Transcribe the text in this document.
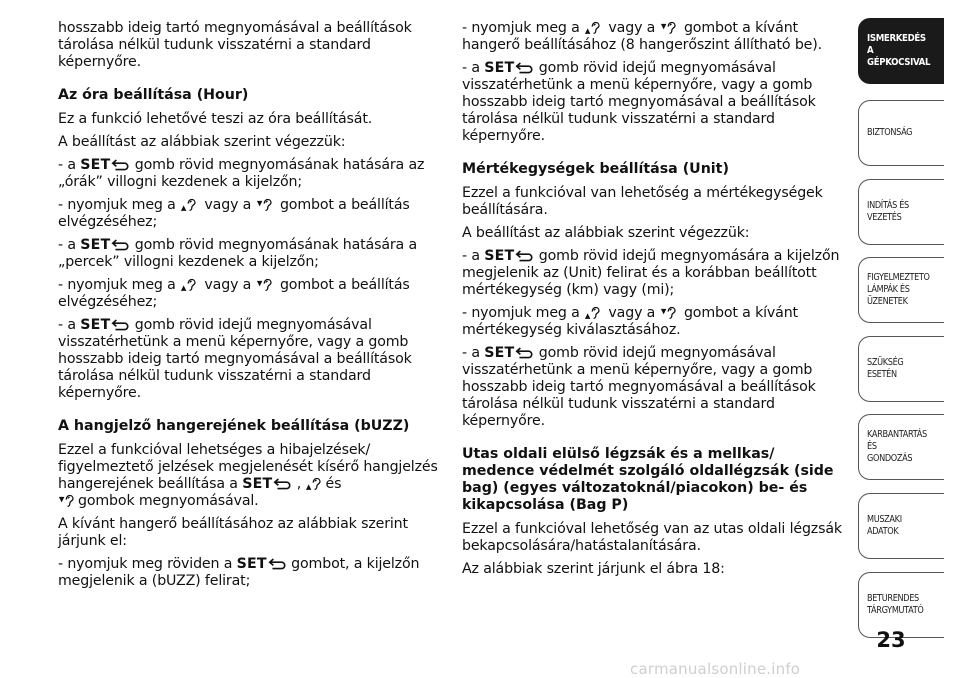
hosszabb ideig tartó megnyomásával a beállítások tárolása nélkül tudunk visszatérni a standard képernyőre.

Az óra beállítása (Hour)

Ez a funkció lehetővé teszi az óra beállítását.

A beállítást az alábbiak szerint végezzük:

- a SET
gomb rövid megnyomásának hatására az „órák” villogni kezdenek a kijelzőn;

- nyomjuk meg a
vagy a
gombot a beállítás elvégzéséhez;

- a SET
gomb rövid megnyomásának hatására a „percek” villogni kezdenek a kijelzőn;

- nyomjuk meg a
vagy a
gombot a beállítás elvégzéséhez;

- a SET
gomb rövid idejű megnyomásával visszatérhetünk a menü képernyőre, vagy a gomb hosszabb ideig tartó megnyomásával a beállítások tárolása nélkül tudunk visszatérni a standard képernyőre.

A hangjelző hangerejének beállítása (bUZZ)

Ezzel a funkcióval lehetséges a hibajelzések/ figyelmeztető jelzések megjelenését kísérő hangjelzés hangerejének beállítása a SET
,
és

gombok megnyomásával.

A kívánt hangerő beállításához az alábbiak szerint járjunk el:

- nyomjuk meg röviden a SET
gombot, a kijelzőn megjelenik a (bUZZ) felirat;

- nyomjuk meg a
vagy a
gombot a kívánt hangerő beállításához (8 hangerőszint állítható be).

- a SET
gomb rövid idejű megnyomásával visszatérhetünk a menü képernyőre, vagy a gomb hosszabb ideig tartó megnyomásával a beállítások tárolása nélkül tudunk visszatérni a standard képernyőre.

Mértékegységek beállítása (Unit)

Ezzel a funkcióval van lehetőség a mértékegységek beállítására.

A beállítást az alábbiak szerint végezzük:

- a SET
gomb rövid idejű megnyomására a kijelzőn megjelenik az (Unit) felirat és a korábban beállított mértékegység (km) vagy (mi);

- nyomjuk meg a
vagy a
gombot a kívánt mértékegység kiválasztásához.

- a SET
gomb rövid idejű megnyomásával visszatérhetünk a menü képernyőre, vagy a gomb hosszabb ideig tartó megnyomásával a beállítások tárolása nélkül tudunk visszatérni a standard képernyőre.

Utas oldali elülső légzsák és a mellkas/ medence védelmét szolgáló oldallégzsák (side bag) (egyes változatoknál/piacokon) be- és kikapcsolása (Bag P)

Ezzel a funkcióval lehetőség van az utas oldali légzsák bekapcsolására/hatástalanítására.

Az alábbiak szerint járjunk el ábra 18:

ISMERKEDÉS A
GÉPKOCSIVAL
BIZTONSÁG
INDÍTÁS ÉS VEZETÉS
FIGYELMEZTETŐ
LÁMPÁK ÉS
ÜZENETEK
SZÜKSÉG ESETÉN
KARBANTARTÁS ÉS
GONDOZÁS
MŰSZAKI ADATOK
BETŰRENDES
TÁRGYMUTATÓ
23
carmanualsonline.info
